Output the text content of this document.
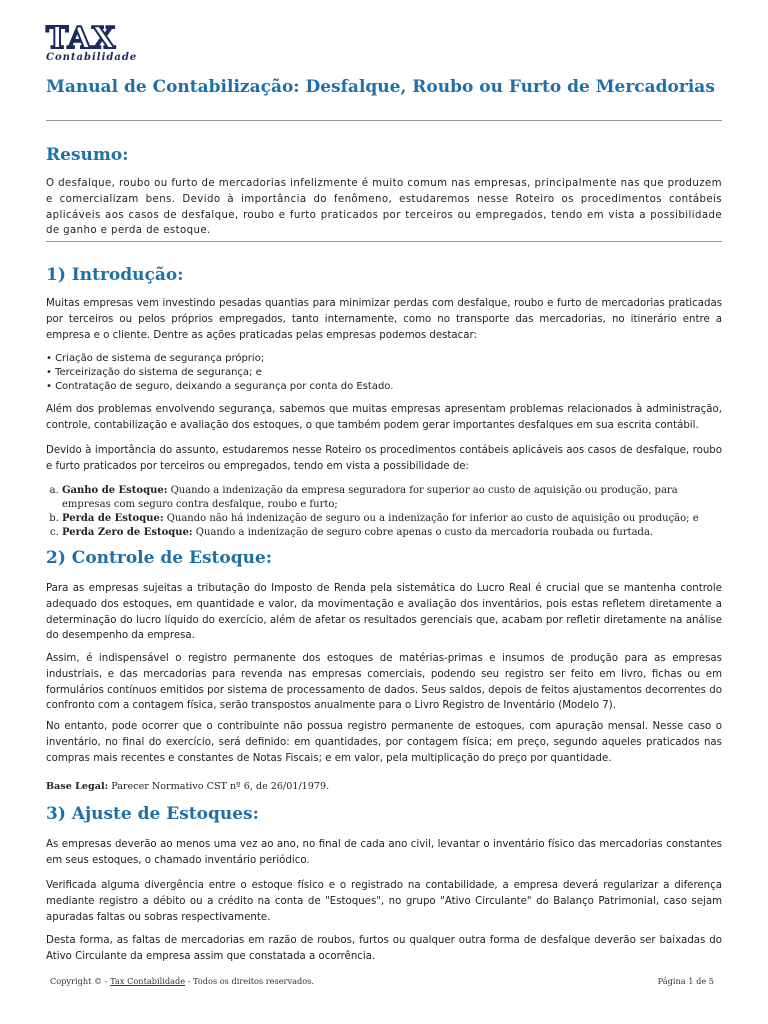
TAX
Contabilidade
Manual de Contabilização: Desfalque, Roubo ou Furto de Mercadorias
Resumo:

O desfalque, roubo ou furto de mercadorias infelizmente é muito comum nas empresas, principalmente nas que produzem e comercializam bens. Devido à importância do fenômeno, estudaremos nesse Roteiro os procedimentos contábeis aplicáveis aos casos de desfalque, roubo e furto praticados por terceiros ou empregados, tendo em vista a possibilidade de ganho e perda de estoque.

1) Introdução:

Muitas empresas vem investindo pesadas quantias para minimizar perdas com desfalque, roubo e furto de mercadorias praticadas por terceiros ou pelos próprios empregados, tanto internamente, como no transporte das mercadorias, no itinerário entre a empresa e o cliente. Dentre as ações praticadas pelas empresas podemos destacar:

• Criação de sistema de segurança próprio;
• Terceirização do sistema de segurança; e
• Contratação de seguro, deixando a segurança por conta do Estado.

Além dos problemas envolvendo segurança, sabemos que muitas empresas apresentam problemas relacionados à administração, controle, contabilização e avaliação dos estoques, o que também podem gerar importantes desfalques em sua escrita contábil.

Devido à importância do assunto, estudaremos nesse Roteiro os procedimentos contábeis aplicáveis aos casos de desfalque, roubo e furto praticados por terceiros ou empregados, tendo em vista a possibilidade de:

a. Ganho de Estoque: Quando a indenização da empresa seguradora for superior ao custo de aquisição ou produção, para empresas com seguro contra desfalque, roubo e furto;
b. Perda de Estoque: Quando não há indenização de seguro ou a indenização for inferior ao custo de aquisição ou produção; e
c. Perda Zero de Estoque: Quando a indenização de seguro cobre apenas o custo da mercadoria roubada ou furtada.
2) Controle de Estoque:

Para as empresas sujeitas a tributação do Imposto de Renda pela sistemática do Lucro Real é crucial que se mantenha controle adequado dos estoques, em quantidade e valor, da movimentação e avaliação dos inventários, pois estas refletem diretamente a determinação do lucro líquido do exercício, além de afetar os resultados gerenciais que, acabam por refletir diretamente na análise do desempenho da empresa.

Assim, é indispensável o registro permanente dos estoques de matérias-primas e insumos de produção para as empresas industriais, e das mercadorias para revenda nas empresas comerciais, podendo seu registro ser feito em livro, fichas ou em formulários contínuos emitidos por sistema de processamento de dados. Seus saldos, depois de feitos ajustamentos decorrentes do confronto com a contagem física, serão transpostos anualmente para o Livro Registro de Inventário (Modelo 7).

No entanto, pode ocorrer que o contribuinte não possua registro permanente de estoques, com apuração mensal. Nesse caso o inventário, no final do exercício, será definido: em quantidades, por contagem física; em preço, segundo aqueles praticados nas compras mais recentes e constantes de Notas Fiscais; e em valor, pela multiplicação do preço por quantidade.

Base Legal: Parecer Normativo CST nº 6, de 26/01/1979.

3) Ajuste de Estoques:

As empresas deverão ao menos uma vez ao ano, no final de cada ano civil, levantar o inventário físico das mercadorias constantes em seus estoques, o chamado inventário periódico.

Verificada alguma divergência entre o estoque físico e o registrado na contabilidade, a empresa deverá regularizar a diferença mediante registro a débito ou a crédito na conta de "Estoques", no grupo "Ativo Circulante" do Balanço Patrimonial, caso sejam apuradas faltas ou sobras respectivamente.

Desta forma, as faltas de mercadorias em razão de roubos, furtos ou qualquer outra forma de desfalque deverão ser baixadas do Ativo Circulante da empresa assim que constatada a ocorrência.

Copyright © - Tax Contabilidade - Todos os direitos reservados.	Página 1 de 5
